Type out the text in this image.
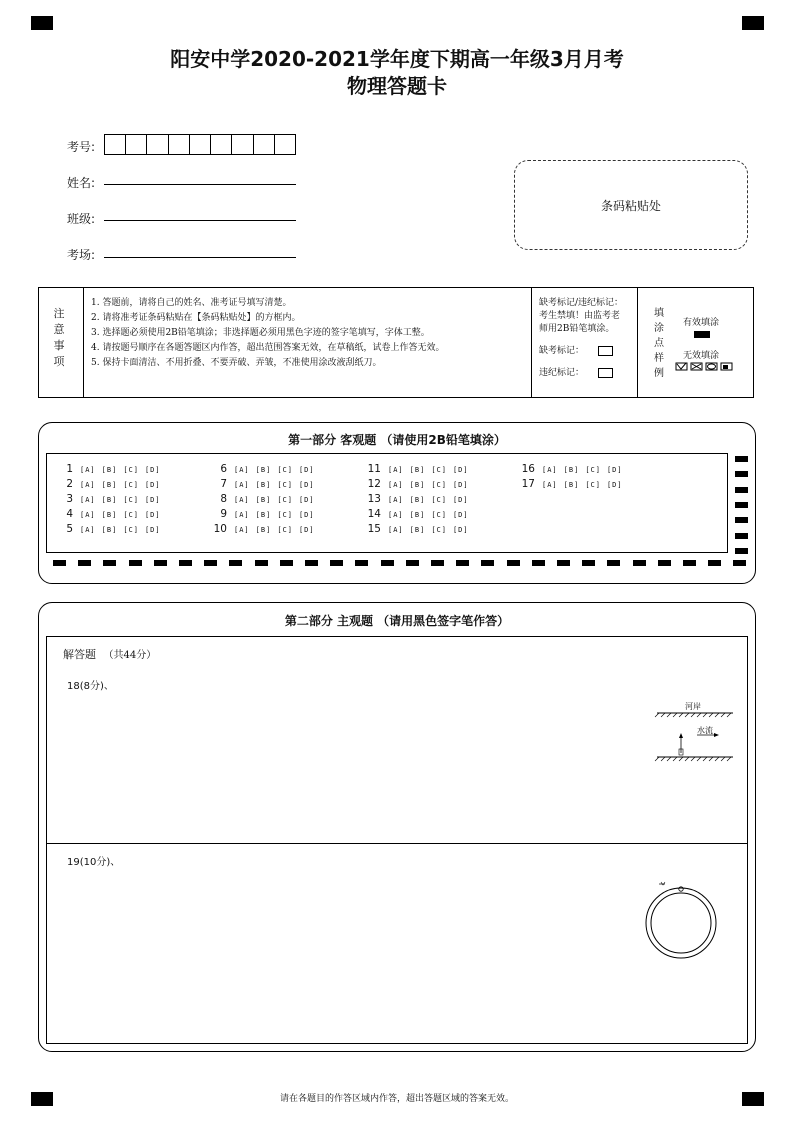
阳安中学2020-2021学年度下期高一年级3月月考
物理答题卡
考号:
姓名:
班级:
考场:
条码粘贴处
注意事项
1. 答题前，请将自己的姓名、准考证号填写清楚。
2. 请将准考证条码粘贴在【条码粘贴处】的方框内。
3. 选择题必须使用2B铅笔填涂；非选择题必须用黑色字迹的签字笔填写，字体工整。
4. 请按题号顺序在各题答题区内作答，超出范围答案无效，在草稿纸，试卷上作答无效。
5. 保持卡面清洁、不用折叠、不要弄破、弄皱，不准使用涂改液刮纸刀。
缺考标记/违纪标记：
考生禁填！由监考老
师用2B铅笔填涂。
缺考标记：
违纪标记：
填涂点样例
有效填涂
无效填涂
第一部分 客观题 （请使用2B铅笔填涂）
1 [A] [B] [C] [D]
2 [A] [B] [C] [D]
3 [A] [B] [C] [D]
4 [A] [B] [C] [D]
5 [A] [B] [C] [D]
6 [A] [B] [C] [D]
7 [A] [B] [C] [D]
8 [A] [B] [C] [D]
9 [A] [B] [C] [D]
10 [A] [B] [C] [D]
11 [A] [B] [C] [D]
12 [A] [B] [C] [D]
13 [A] [B] [C] [D]
14 [A] [B] [C] [D]
15 [A] [B] [C] [D]
16 [A] [B] [C] [D]
17 [A] [B] [C] [D]
第二部分 主观题 （请用黑色签字笔作答）
解答题 （共44分）
18(8分)、
河岸
水流
19(10分)、
请在各题目的作答区域内作答，超出答题区域的答案无效。
